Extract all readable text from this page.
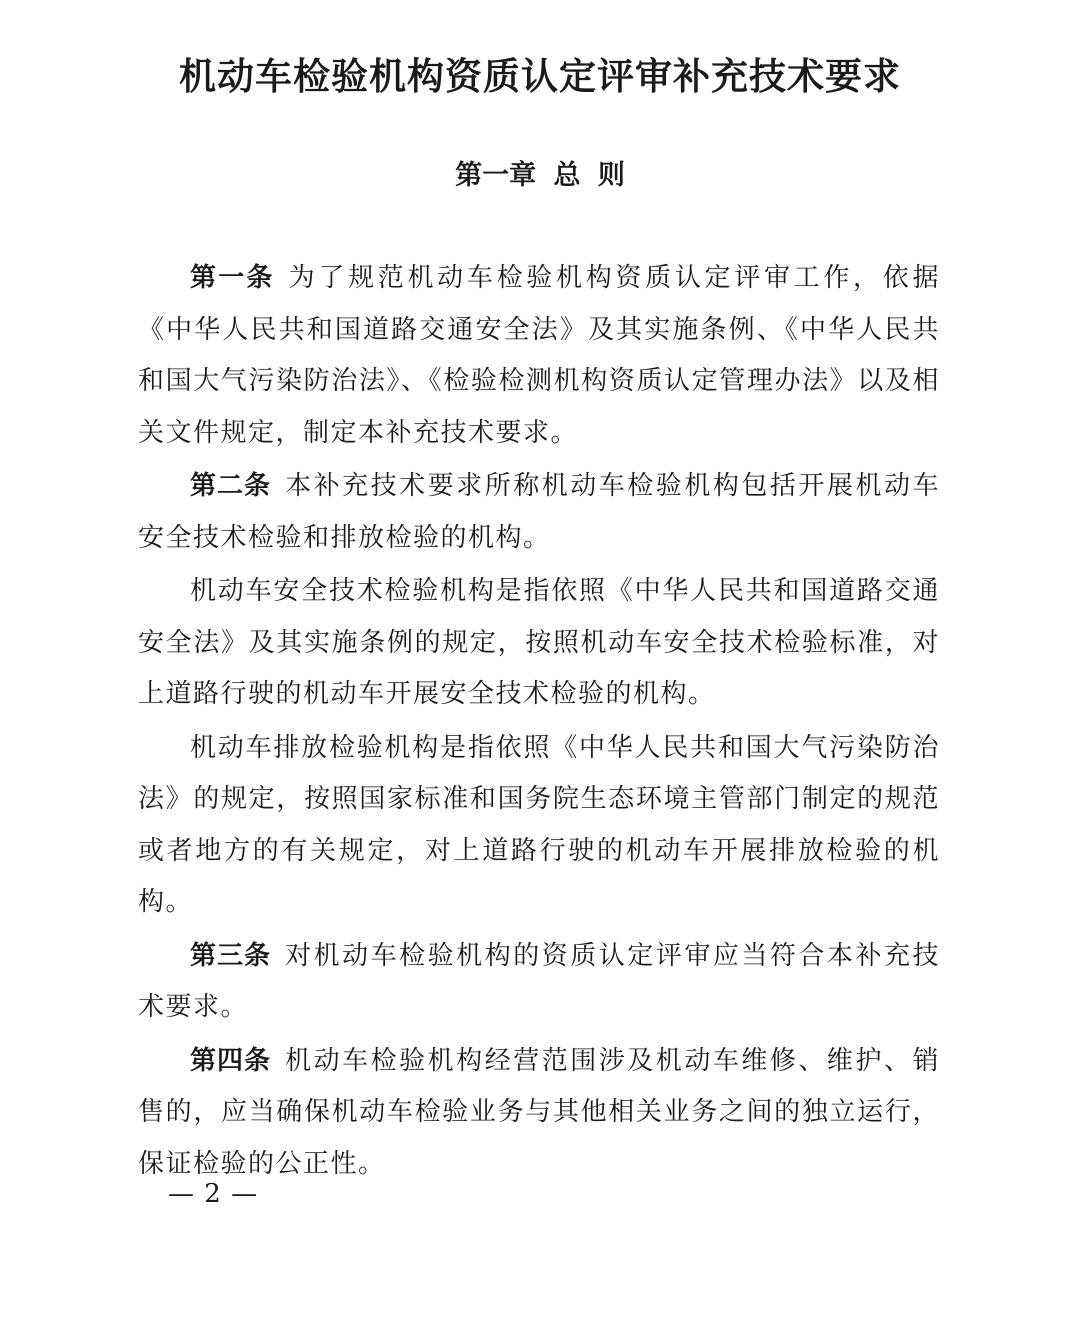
机动车检验机构资质认定评审补充技术要求
第一章 总 则

第一条 为了规范机动车检验机构资质认定评审工作，依据《中华人民共和国道路交通安全法》及其实施条例、《中华人民共和国大气污染防治法》、《检验检测机构资质认定管理办法》以及相关文件规定，制定本补充技术要求。

第二条 本补充技术要求所称机动车检验机构包括开展机动车安全技术检验和排放检验的机构。

机动车安全技术检验机构是指依照《中华人民共和国道路交通安全法》及其实施条例的规定，按照机动车安全技术检验标准，对上道路行驶的机动车开展安全技术检验的机构。

机动车排放检验机构是指依照《中华人民共和国大气污染防治法》的规定，按照国家标准和国务院生态环境主管部门制定的规范或者地方的有关规定，对上道路行驶的机动车开展排放检验的机构。

第三条 对机动车检验机构的资质认定评审应当符合本补充技术要求。

第四条 机动车检验机构经营范围涉及机动车维修、维护、销售的，应当确保机动车检验业务与其他相关业务之间的独立运行，保证检验的公正性。

— 2 —
